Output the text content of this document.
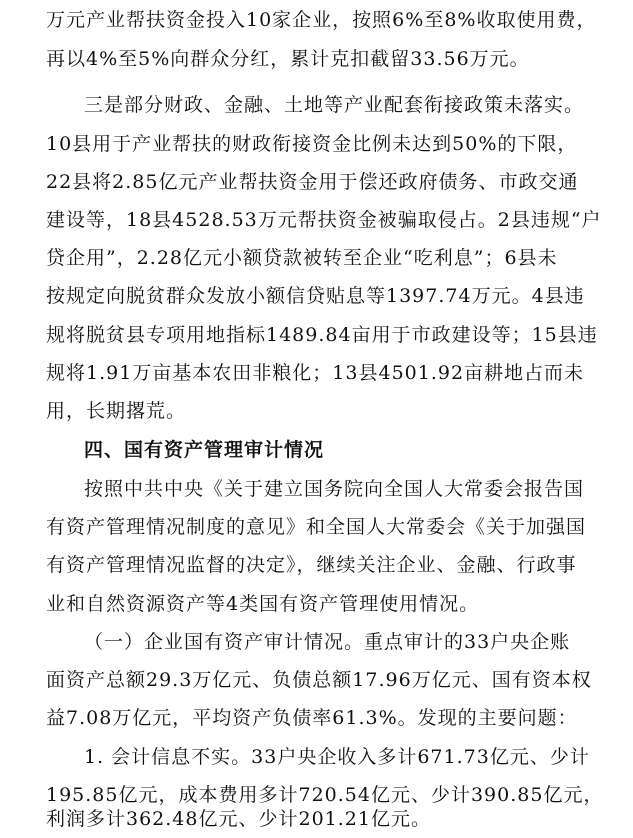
万元产业帮扶资金投入10家企业，按照6%至8%收取使用费，
再以4%至5%向群众分红，累计克扣截留33.56万元。
三是部分财政、金融、土地等产业配套衔接政策未落实。
10县用于产业帮扶的财政衔接资金比例未达到50%的下限，
22县将2.85亿元产业帮扶资金用于偿还政府债务、市政交通
建设等，18县4528.53万元帮扶资金被骗取侵占。2县违规“户
贷企用”，2.28亿元小额贷款被转至企业“吃利息”；6县未
按规定向脱贫群众发放小额信贷贴息等1397.74万元。4县违
规将脱贫县专项用地指标1489.84亩用于市政建设等；15县违
规将1.91万亩基本农田非粮化；13县4501.92亩耕地占而未
用，长期撂荒。
四、国有资产管理审计情况
按照中共中央《关于建立国务院向全国人大常委会报告国
有资产管理情况制度的意见》和全国人大常委会《关于加强国
有资产管理情况监督的决定》，继续关注企业、金融、行政事
业和自然资源资产等4类国有资产管理使用情况。
（一）企业国有资产审计情况。重点审计的33户央企账
面资产总额29.3万亿元、负债总额17.96万亿元、国有资本权
益7.08万亿元，平均资产负债率61.3%。发现的主要问题：
1. 会计信息不实。33户央企收入多计671.73亿元、少计
195.85亿元，成本费用多计720.54亿元、少计390.85亿元，
利润多计362.48亿元、少计201.21亿元。
